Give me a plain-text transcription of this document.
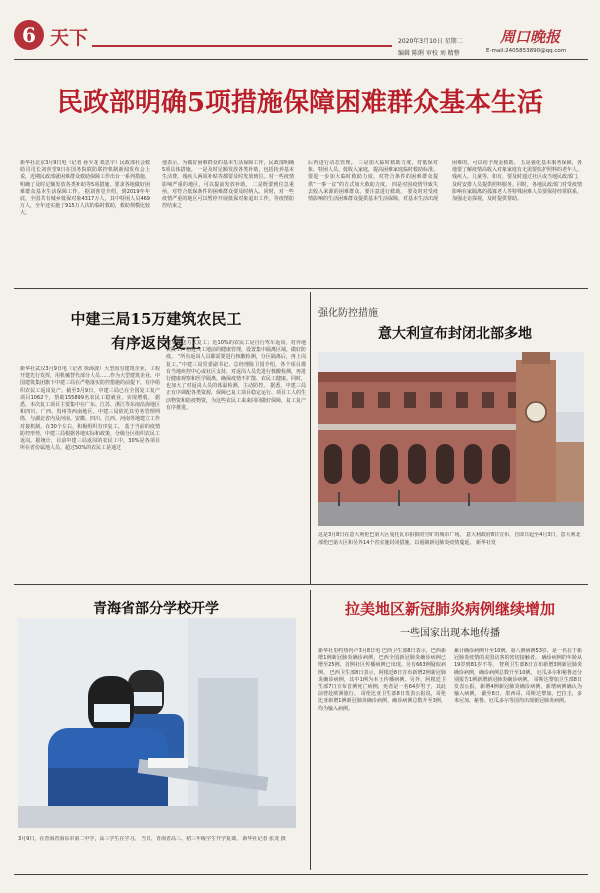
6 天下	2020年3月10日 星期二
编辑 陈俐 审校 刘 精整
周口晚报
E-mail:2405853890@qq.com
民政部明确5项措施保障困难群众基本生活
新华社北京3月9日电（记者 孙少龙 奚思宇）民政部社会救助司司长刘喜堂9日在国务院联防联控机制新闻发布会上说，近期民政部就困难群众救助保障工作出台一系列措施，明确了及时足额发放各类补助等5项措施，要求各地做好困难群众基本生活保障工作。 据刘喜堂介绍，到2019年年底，全国共有城乡低保对象4317万人，其中特困人员469万人，全年还实施了915万人次的临时救助，救助规模比较大。
他表示，为做好困难群众的基本生活保障工作，民政部明确5项具体措施。 一是及时足额发放各类补助，包括抚养基本生活费、残疾人两项补贴等都要及时发放到位。对一些疫情影响严重的地区，可以提前发放补助。 二是既要到位急重亟，对符合低保条件的困难群众要及时纳入。同时，对一些疫情严重的地区可以暂停开展低保对象退出工作，等疫情防控结束之
后再进行动态管理。 三是加大临时救助力度，对低保对象、特困人员、低收入家庭，提高困难家庭临时救助标准。要进一步加大临时救助力度，对符合条件的困难群众提供“一事一议”的方式加大救助力度。 四是对因疫情导致失去收入来源的困难群众，要注意进行救助。 要及时对受疫情影响的生活困难群众提供基本生活保障，对基本生活出现
困难的，可以给予现金救助。 五是强化基本服务保障，各地要了解疫情高收入对象家庭有无需要监护照料的老年人、残疾人、儿童等，如有，要及时通过社区或当地民政部门，及时安排人员提供照料服务。同时，各地民政部门对受疫情影响在家隔离的孤寡老人等特殊困难人员要保持经常联系，加强走访探视，及时提供帮助。
中建三局15万建筑农民工
有序返岗复工
新华社武汉3月9日电（记者 徐海波）大型国有建筑企业，工程开建先行发挥，用机械替代部分人员……作为大型建筑企业，中国建筑集团旗下中建三局在严格落实防控措施的前提下，有序组织农民工返岗复产。截至3月9日，中建三局已在全国复工复产项目1062个，帮助155899名农民工稳就业，实现增收。 据悉，本次复工项目主要集中在广东、江苏、浙江等东南沿海地区和四川、广西、贵州等西南地区。中建三局依托其劳务管理网络，与湖北省内及河南、安徽、四川、江西、河南等地建立工作对接机制，在30个左右，积极组织有序复工。 基于当前的疫情防控形势，中建三局根据各地实际和政策，分级分区组织农民工返岗。据统计，目前中建三局返岗的农民工中，30%是各项目所在省份属地人员，超过50%的农民工是通过
包车接送方式复工；近10%的农民工是自行驾车返岗，对外地农民工严格进入工地前的健康管理，设置集中隔离区域，做好防疫。 “所有返岗人员都需要进行核酸检测，分区隔离后，再上岗复工。”中建三局党委副书记、总经理陈卫国介绍，各个项目都有当地疾控中心或社区支持，对返岗人员先进行核酸检测，再进行健康观察和医学隔离，确保疫情不扩散、农民工健康。同时，也加大了对返岗人员的体温检测，主动防控。 据悉，中建三局正有序调配各类资源，保障已复工项目稳定运行、项目工人的生活物资和防疫物资，为这些农民工来来回回做好保障，复工复产有序推进。
强化防控措施
意大利宣布封闭北部多地
这是3月8日在意大利伦巴第大区曼托瓦市拍摄的空旷的城市广场。 意大利政府8日宣布，自即日起至4月3日，意大利北部伦巴第大区和另外14个省实施封闭措施，以遏制新冠肺炎疫情蔓延。 新华社发
青海省部分学校开学
3月9日，在青海省海东市第二中学，高三学生在学习。 当日，青海省高三、初三年级学生开学复课。 新华社记者 张龙 摄
拉美地区新冠肺炎病例继续增加
一些国家出现本地传播
新华社里约热内卢3月8日电 巴西卫生部8日表示，巴西新增1例新冠肺炎确诊病例，巴西全国新冠肺炎确诊病例已增至25例，首例社区传播病例已出现。另有663例疑似病例。 巴西卫生部8日表示，阿根廷8日宣布新增2例新冠肺炎确诊病例，其中1例为本土传播病例。另外，阿根廷卫生部7日宣布首例死亡病例，死者是一名64岁男子，其此前曾赴欧洲旅行。 哥伦比亚卫生部8日发表公报说，哥伦比亚新增1例新冠肺炎确诊病例，确诊病例总数升至3例，均为输入病例。
累计确诊病例升至10例。第八例病例53岁，是一名在于新冠肺炎疫情的美国访客的密切接触者。 确诊病例的年龄从19岁到81岁不等。 智利卫生部8日宣布新增3例新冠肺炎确诊病例，确诊病例总数升至10例。 厄瓜多尔和秘鲁还分别报告1例新增新冠肺炎确诊病例。 哥斯达黎加卫生部8日发表公报，新增4例新冠肺炎确诊病例，新增病例确认为输入病例。 截至8日，墨西哥、哥斯达黎加、巴拉圭、多米尼加、秘鲁、厄瓜多尔等国均出现新冠肺炎病例。
